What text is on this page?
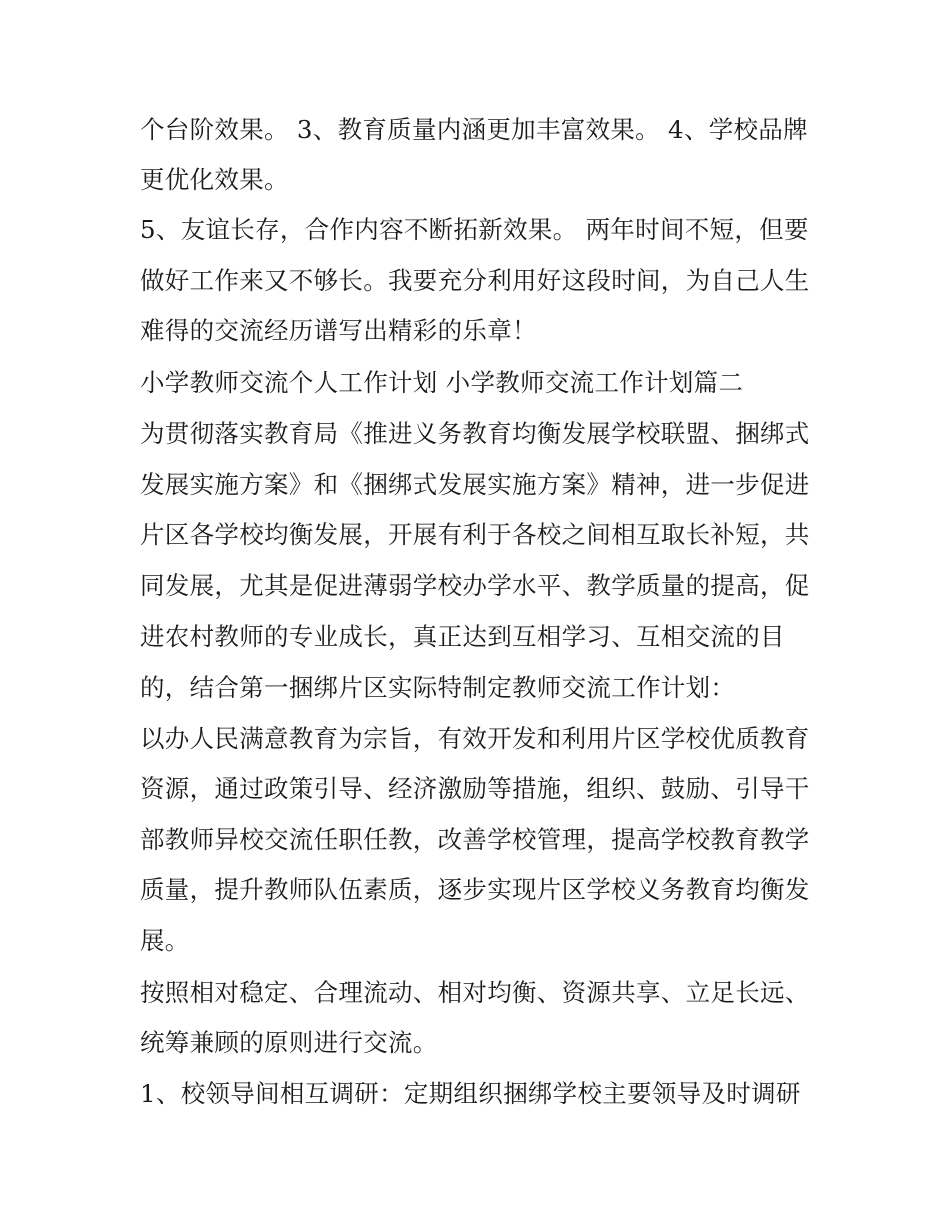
个台阶效果。 3、教育质量内涵更加丰富效果。 4、学校品牌
更优化效果。
5、友谊长存，合作内容不断拓新效果。 两年时间不短，但要
做好工作来又不够长。我要充分利用好这段时间，为自己人生
难得的交流经历谱写出精彩的乐章！
小学教师交流个人工作计划 小学教师交流工作计划篇二
为贯彻落实教育局《推进义务教育均衡发展学校联盟、捆绑式
发展实施方案》和《捆绑式发展实施方案》精神，进一步促进
片区各学校均衡发展，开展有利于各校之间相互取长补短，共
同发展，尤其是促进薄弱学校办学水平、教学质量的提高，促
进农村教师的专业成长，真正达到互相学习、互相交流的目
的，结合第一捆绑片区实际特制定教师交流工作计划：
以办人民满意教育为宗旨，有效开发和利用片区学校优质教育
资源，通过政策引导、经济激励等措施，组织、鼓励、引导干
部教师异校交流任职任教，改善学校管理，提高学校教育教学
质量，提升教师队伍素质，逐步实现片区学校义务教育均衡发
展。
按照相对稳定、合理流动、相对均衡、资源共享、立足长远、
统筹兼顾的原则进行交流。
1、校领导间相互调研：定期组织捆绑学校主要领导及时调研
